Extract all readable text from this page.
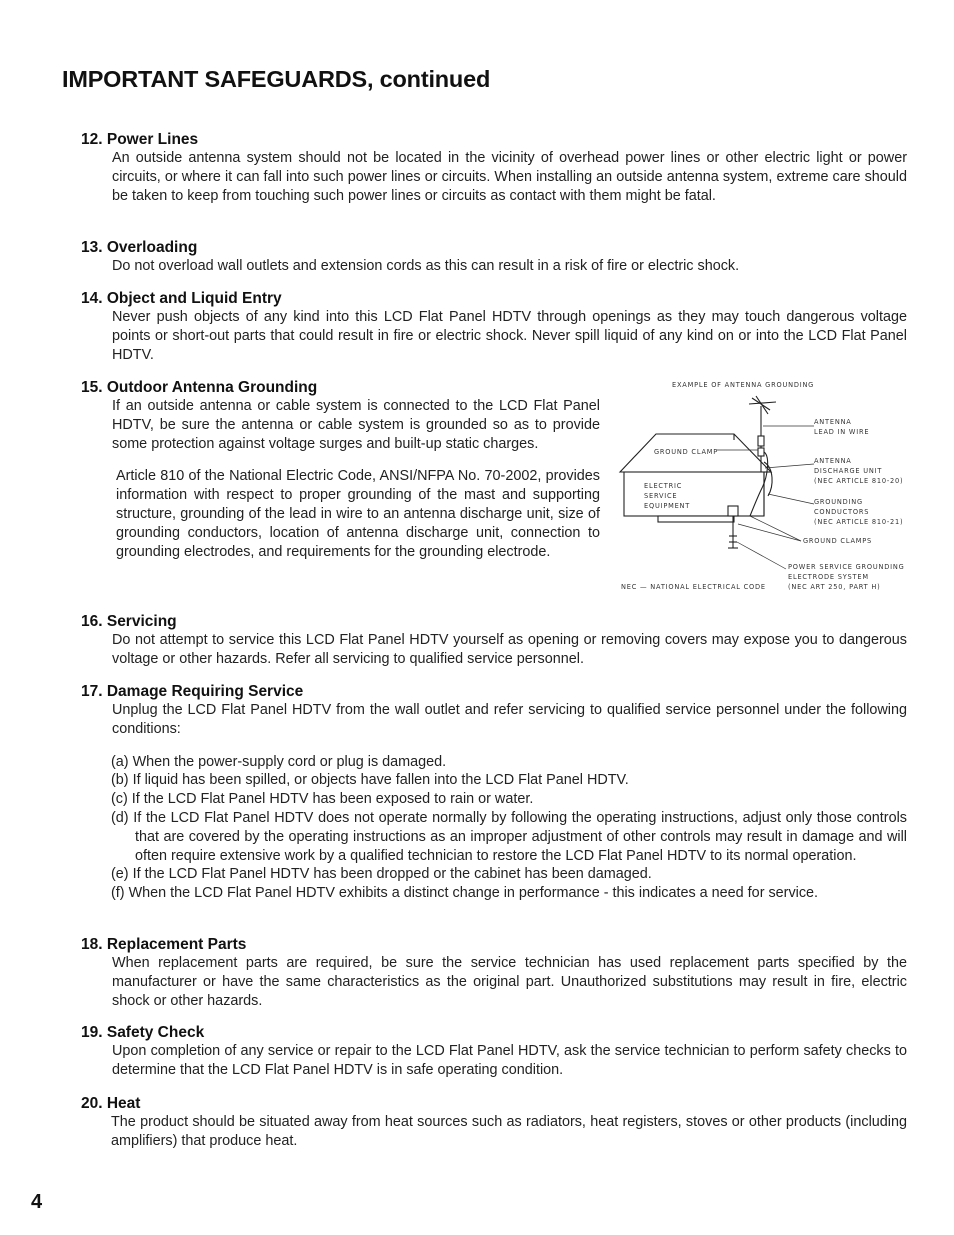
IMPORTANT SAFEGUARDS, continued

12. Power Lines

An outside antenna system should not be located in the vicinity of overhead power lines or other electric light or power circuits, or where it can fall into such power lines or circuits. When installing an outside antenna system, extreme care should be taken to keep from touching such power lines or circuits as contact with them might be fatal.

13. Overloading

Do not overload wall outlets and extension cords as this can result in a risk of fire or electric shock.

14. Object and Liquid Entry

Never push objects of any kind into this LCD Flat Panel HDTV through openings as they may touch dangerous voltage points or short-out parts that could result in fire or electric shock. Never spill liquid of any kind on or into the LCD Flat Panel HDTV.

15. Outdoor Antenna Grounding

If an outside antenna or cable system is connected to the LCD Flat Panel HDTV, be sure the antenna or cable system is grounded so as to provide some protection against voltage surges and built-up static charges.

Article 810 of the National Electric Code, ANSI/NFPA No. 70-2002, provides information with respect to proper grounding of the mast and supporting structure, grounding of the lead in wire to an antenna discharge unit, size of grounding conductors, location of antenna discharge unit, connection to grounding electrodes, and requirements for the grounding electrode.

EXAMPLE OF ANTENNA GROUNDING
ANTENNA
LEAD IN WIRE
GROUND CLAMP
ANTENNA
DISCHARGE UNIT
(NEC ARTICLE 810-20)
ELECTRIC
SERVICE
EQUIPMENT	GROUNDING
CONDUCTORS
(NEC ARTICLE 810-21)
GROUND CLAMPS
POWER SERVICE GROUNDING
ELECTRODE SYSTEM
(NEC ART 250, PART H)
NEC — NATIONAL ELECTRICAL CODE

16. Servicing

Do not attempt to service this LCD Flat Panel HDTV yourself as opening or removing covers may expose you to dangerous voltage or other hazards. Refer all servicing to qualified service personnel.

17. Damage Requiring Service

Unplug the LCD Flat Panel HDTV from the wall outlet and refer servicing to qualified service personnel under the following conditions:

(a) When the power-supply cord or plug is damaged.
(b) If liquid has been spilled, or objects have fallen into the LCD Flat Panel HDTV.
(c) If the LCD Flat Panel HDTV has been exposed to rain or water.
(d) If the LCD Flat Panel HDTV does not operate normally by following the operating instructions, adjust only those controls that are covered by the operating instructions as an improper adjustment of other controls may result in damage and will often require extensive work by a qualified technician to restore the LCD Flat Panel HDTV to its normal operation.
(e) If the LCD Flat Panel HDTV has been dropped or the cabinet has been damaged.
(f) When the LCD Flat Panel HDTV exhibits a distinct change in performance - this indicates a need for service.

18. Replacement Parts

When replacement parts are required, be sure the service technician has used replacement parts specified by the manufacturer or have the same characteristics as the original part. Unauthorized substitutions may result in fire, electric shock or other hazards.

19. Safety Check

Upon completion of any service or repair to the LCD Flat Panel HDTV, ask the service technician to perform safety checks to determine that the LCD Flat Panel HDTV is in safe operating condition.

20. Heat

The product should be situated away from heat sources such as radiators, heat registers, stoves or other products (including amplifiers) that produce heat.

4
